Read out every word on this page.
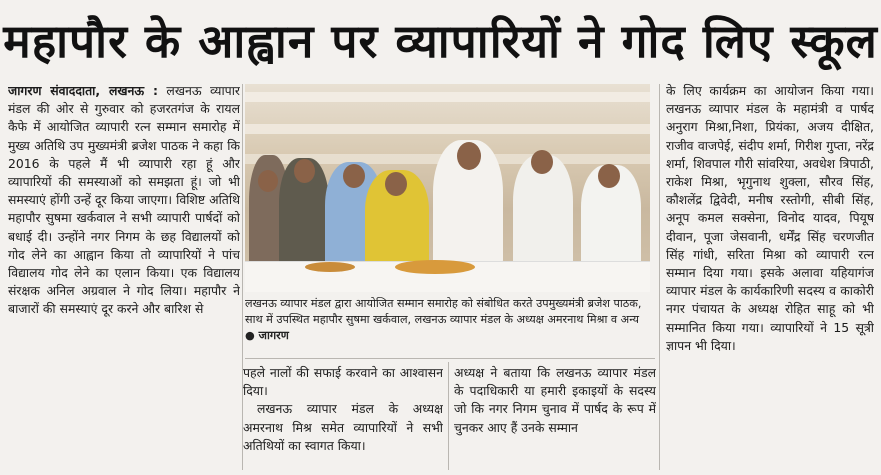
महापौर के आह्वान पर व्यापारियों ने गोद लिए स्कूल

जागरण संवाददाता, लखनऊ : लखनऊ व्यापार मंडल की ओर से गुरुवार को हजरतगंज के रायल कैफे में आयोजित व्यापारी रत्न सम्मान समारोह में मुख्य अतिथि उप मुख्यमंत्री ब्रजेश पाठक ने कहा कि 2016 के पहले मैं भी व्यापारी रहा हूं और व्यापारियों की समस्याओं को समझता हूं। जो भी समस्याएं होंगी उन्हें दूर किया जाएगा। विशिष्ट अतिथि महापौर सुषमा खर्कवाल ने सभी व्यापारी पार्षदों को बधाई दी। उन्होंने नगर निगम के छह विद्यालयों को गोद लेने का आह्वान किया तो व्यापारियों ने पांच विद्यालय गोद लेने का एलान किया। एक विद्यालय संरक्षक अनिल अग्रवाल ने गोद लिया। महापौर ने बाजारों की समस्याएं दूर करने और बारिश से	लखनऊ व्यापार मंडल द्वारा आयोजित सम्मान समारोह को संबोधित करते उपमुख्यमंत्री ब्रजेश पाठक, साथ में उपस्थित महापौर सुषमा खर्कवाल, लखनऊ व्यापार मंडल के अध्यक्ष अमरनाथ मिश्रा व अन्य ● जागरण

पहले नालों की सफाई करवाने का आश्वासन दिया।

लखनऊ व्यापार मंडल के अध्यक्ष अमरनाथ मिश्र समेत व्यापारियों ने सभी अतिथियों का स्वागत किया।

अध्यक्ष ने बताया कि लखनऊ व्यापार मंडल के पदाधिकारी या हमारी इकाइयों के सदस्य जो कि नगर निगम चुनाव में पार्षद के रूप में चुनकर आए हैं उनके सम्मान

के लिए कार्यक्रम का आयोजन किया गया। लखनऊ व्यापार मंडल के महामंत्री व पार्षद अनुराग मिश्रा,निशा, प्रियंका, अजय दीक्षित, राजीव वाजपेई, संदीप शर्मा, गिरीश गुप्ता, नरेंद्र शर्मा, शिवपाल गौरी सांवरिया, अवधेश त्रिपाठी, राकेश मिश्रा, भृगुनाथ शुक्ला, सौरव सिंह, कौशलेंद्र द्विवेदी, मनीष रस्तोगी, सीबी सिंह, अनूप कमल सक्सेना, विनोद यादव, पियूष दीवान, पूजा जेसवानी, धर्मेंद्र सिंह चरणजीत सिंह गांधी, सरिता मिश्रा को व्यापारी रत्न सम्मान दिया गया। इसके अलावा यहियागंज व्यापार मंडल के कार्यकारिणी सदस्य व काकोरी नगर पंचायत के अध्यक्ष रोहित साहू को भी सम्मानित किया गया। व्यापारियों ने 15 सूत्री ज्ञापन भी दिया।
